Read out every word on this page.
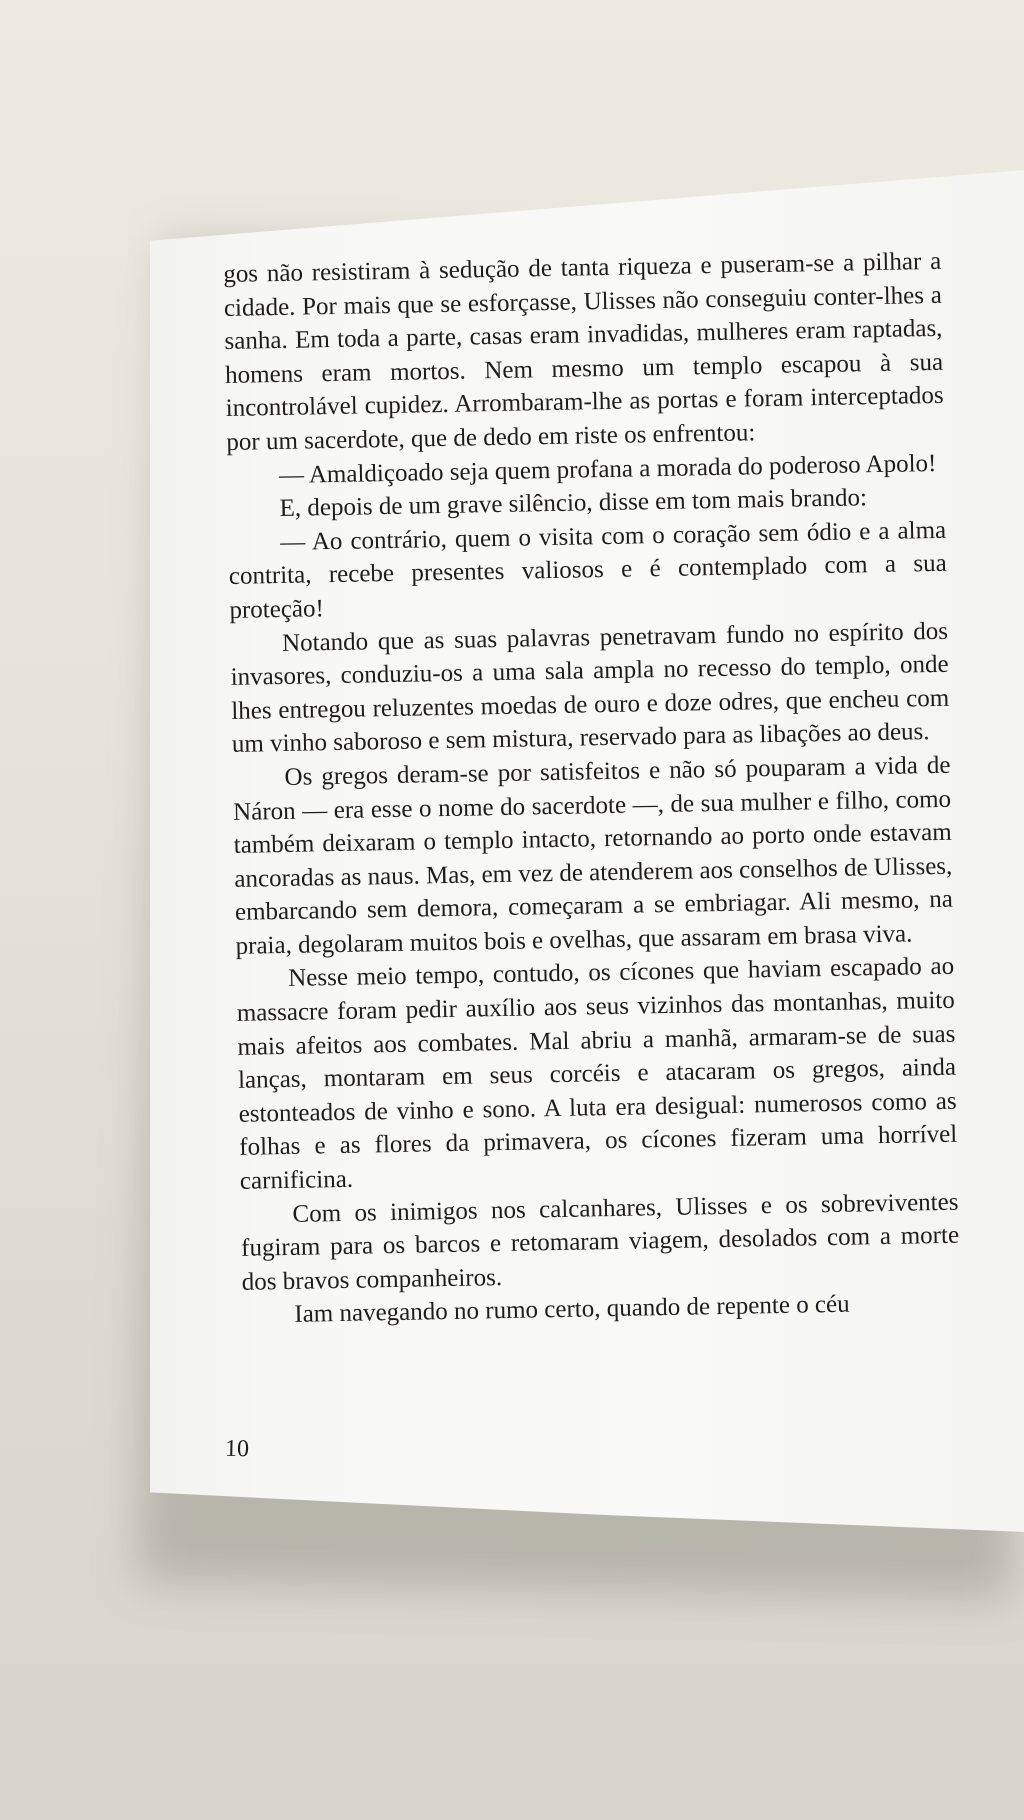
gos não resistiram à sedução de tanta riqueza e puseram-se a pilhar a cidade. Por mais que se esforçasse, Ulisses não conseguiu conter-lhes a sanha. Em toda a parte, casas eram invadidas, mulheres eram raptadas, homens eram mortos. Nem mesmo um templo escapou à sua incontrolável cupidez. Arrombaram-lhe as portas e foram interceptados por um sacerdote, que de dedo em riste os enfrentou:

— Amaldiçoado seja quem profana a morada do poderoso Apolo!

E, depois de um grave silêncio, disse em tom mais brando:

— Ao contrário, quem o visita com o coração sem ódio e a alma contrita, recebe presentes valiosos e é contemplado com a sua proteção!

Notando que as suas palavras penetravam fundo no espírito dos invasores, conduziu-os a uma sala ampla no recesso do templo, onde lhes entregou reluzentes moedas de ouro e doze odres, que encheu com um vinho saboroso e sem mistura, reservado para as libações ao deus.

Os gregos deram-se por satisfeitos e não só pouparam a vida de Náron — era esse o nome do sacerdote —, de sua mulher e filho, como também deixaram o templo intacto, retornando ao porto onde estavam ancoradas as naus. Mas, em vez de atenderem aos conselhos de Ulisses, embarcando sem demora, começaram a se embriagar. Ali mesmo, na praia, degolaram muitos bois e ovelhas, que assaram em brasa viva.

Nesse meio tempo, contudo, os cícones que haviam escapado ao massacre foram pedir auxílio aos seus vizinhos das montanhas, muito mais afeitos aos combates. Mal abriu a manhã, armaram-se de suas lanças, montaram em seus corcéis e atacaram os gregos, ainda estonteados de vinho e sono. A luta era desigual: numerosos como as folhas e as flores da primavera, os cícones fizeram uma horrível carnificina.

Com os inimigos nos calcanhares, Ulisses e os sobreviventes fugiram para os barcos e retomaram viagem, desolados com a morte dos bravos companheiros.

Iam navegando no rumo certo, quando de repente o céu

10
